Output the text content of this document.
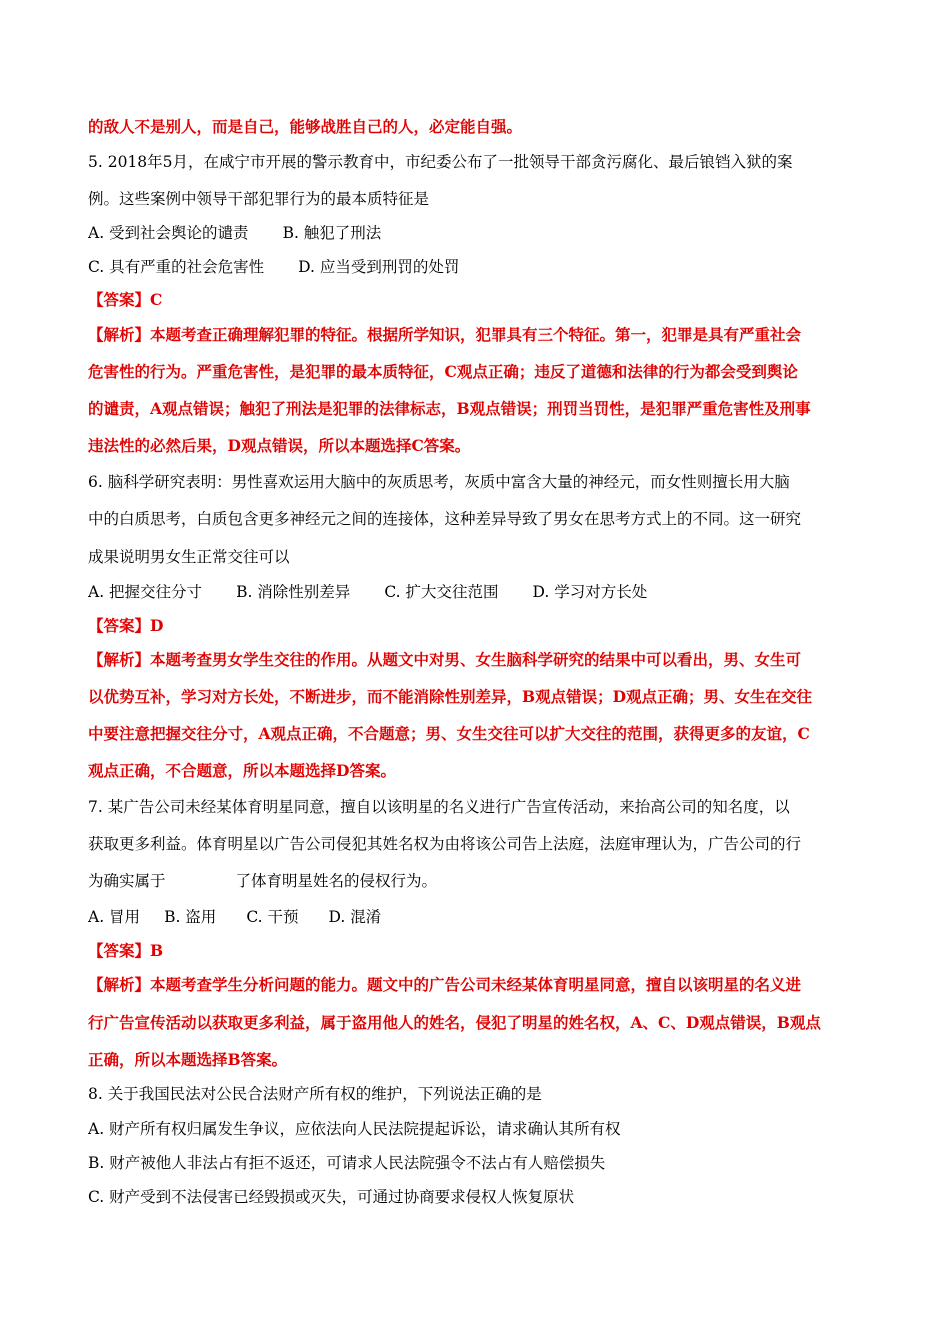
的敌人不是别人，而是自己，能够战胜自己的人，必定能自强。
5. 2018年5月，在咸宁市开展的警示教育中，市纪委公布了一批领导干部贪污腐化、最后锒铛入狱的案
例。这些案例中领导干部犯罪行为的最本质特征是
A. 受到社会舆论的谴责 B. 触犯了刑法
C. 具有严重的社会危害性 D. 应当受到刑罚的处罚
【答案】C
【解析】本题考查正确理解犯罪的特征。根据所学知识，犯罪具有三个特征。第一，犯罪是具有严重社会
危害性的行为。严重危害性，是犯罪的最本质特征，C观点正确；违反了道德和法律的行为都会受到舆论
的谴责，A观点错误；触犯了刑法是犯罪的法律标志，B观点错误；刑罚当罚性，是犯罪严重危害性及刑事
违法性的必然后果，D观点错误，所以本题选择C答案。
6. 脑科学研究表明：男性喜欢运用大脑中的灰质思考，灰质中富含大量的神经元，而女性则擅长用大脑
中的白质思考，白质包含更多神经元之间的连接体，这种差异导致了男女在思考方式上的不同。这一研究
成果说明男女生正常交往可以
A. 把握交往分寸 B. 消除性别差异 C. 扩大交往范围 D. 学习对方长处
【答案】D
【解析】本题考查男女学生交往的作用。从题文中对男、女生脑科学研究的结果中可以看出，男、女生可
以优势互补，学习对方长处，不断进步，而不能消除性别差异，B观点错误；D观点正确；男、女生在交往
中要注意把握交往分寸，A观点正确，不合题意；男、女生交往可以扩大交往的范围，获得更多的友谊，C
观点正确，不合题意，所以本题选择D答案。
7. 某广告公司未经某体育明星同意，擅自以该明星的名义进行广告宣传活动，来抬高公司的知名度，以
获取更多利益。体育明星以广告公司侵犯其姓名权为由将该公司告上法庭，法庭审理认为，广告公司的行
为确实属于	了体育明星姓名的侵权行为。
A. 冒用 B. 盗用 C. 干预 D. 混淆
【答案】B
【解析】本题考查学生分析问题的能力。题文中的广告公司未经某体育明星同意，擅自以该明星的名义进
行广告宣传活动以获取更多利益，属于盗用他人的姓名，侵犯了明星的姓名权，A、C、D观点错误，B观点
正确，所以本题选择B答案。
8. 关于我国民法对公民合法财产所有权的维护，下列说法正确的是
A. 财产所有权归属发生争议，应依法向人民法院提起诉讼，请求确认其所有权
B. 财产被他人非法占有拒不返还，可请求人民法院强令不法占有人赔偿损失
C. 财产受到不法侵害已经毁损或灭失，可通过协商要求侵权人恢复原状
